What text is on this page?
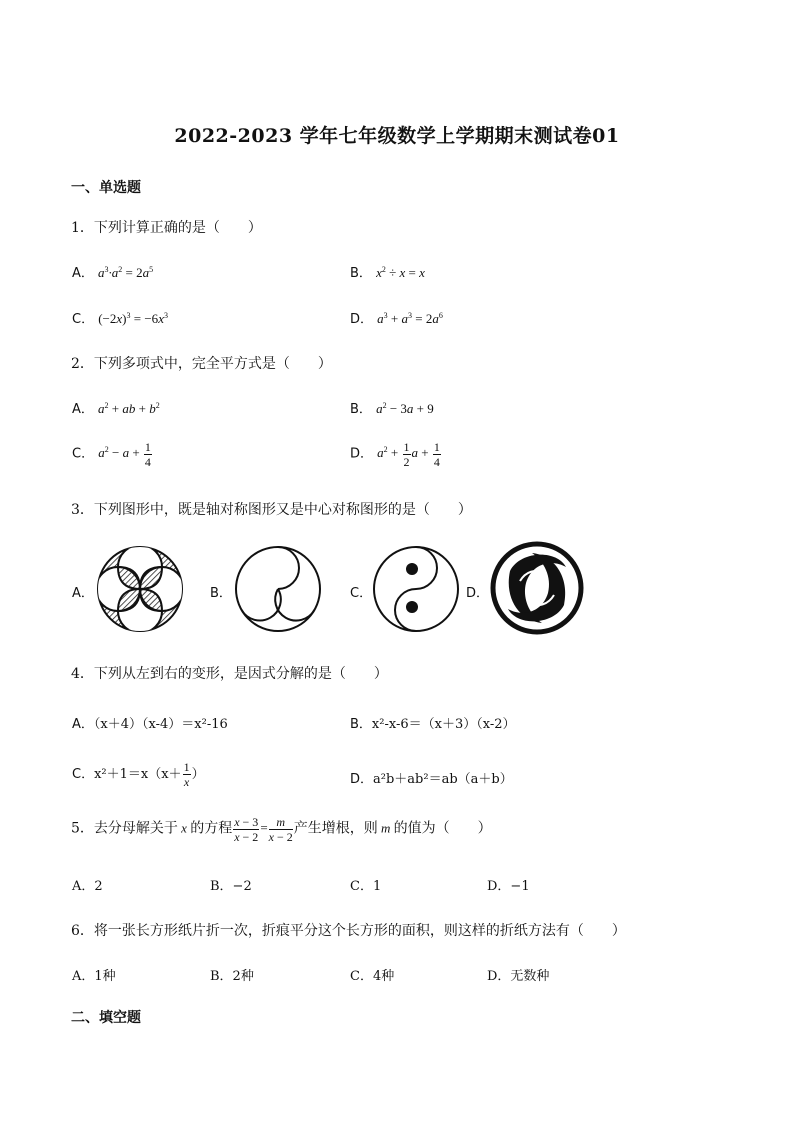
2022-2023 学年七年级数学上学期期末测试卷01
一、单选题
1．下列计算正确的是（　　）
A． $a^3\cdot a^2 = 2a^5$	B． $x^2 \div x = x$
C． $(-2x)^3 = -6x^3$	D． $a^3 + a^3 = 2a^6$
2．下列多项式中，完全平方式是（　　）
A． $a^2$ + ab + $b^2$	B． $a^2 - 3a + 9$
C． $a^2 - a + \frac{1}{4}$	D． $a^2 + \frac{1}{2}$ $a + \frac{1}{4}$
3．下列图形中，既是轴对称图形又是中心对称图形的是（　　）
A．	B．	C．	D．
4．下列从左到右的变形，是因式分解的是（　　）
A．（x＋4）（x-4）＝x²-16	B．x²-x-6＝（x＋3）（x-2）
C．$x^2+1=x(x+ \frac{1}{x}$ ）	D．a²b＋ab²＝ab（a＋b）
5．去分母解关于 x 的方程 $\frac{x - 3}{x - 2} = \frac{m}{x - 2}$ 产生增根，则 m 的值为（　　）
A．2	B．−2	C．1	D．−1
6．将一张长方形纸片折一次，折痕平分这个长方形的面积，则这样的折纸方法有（　　）
A．1种	B．2种	C．4种	D．无数种
二、填空题
